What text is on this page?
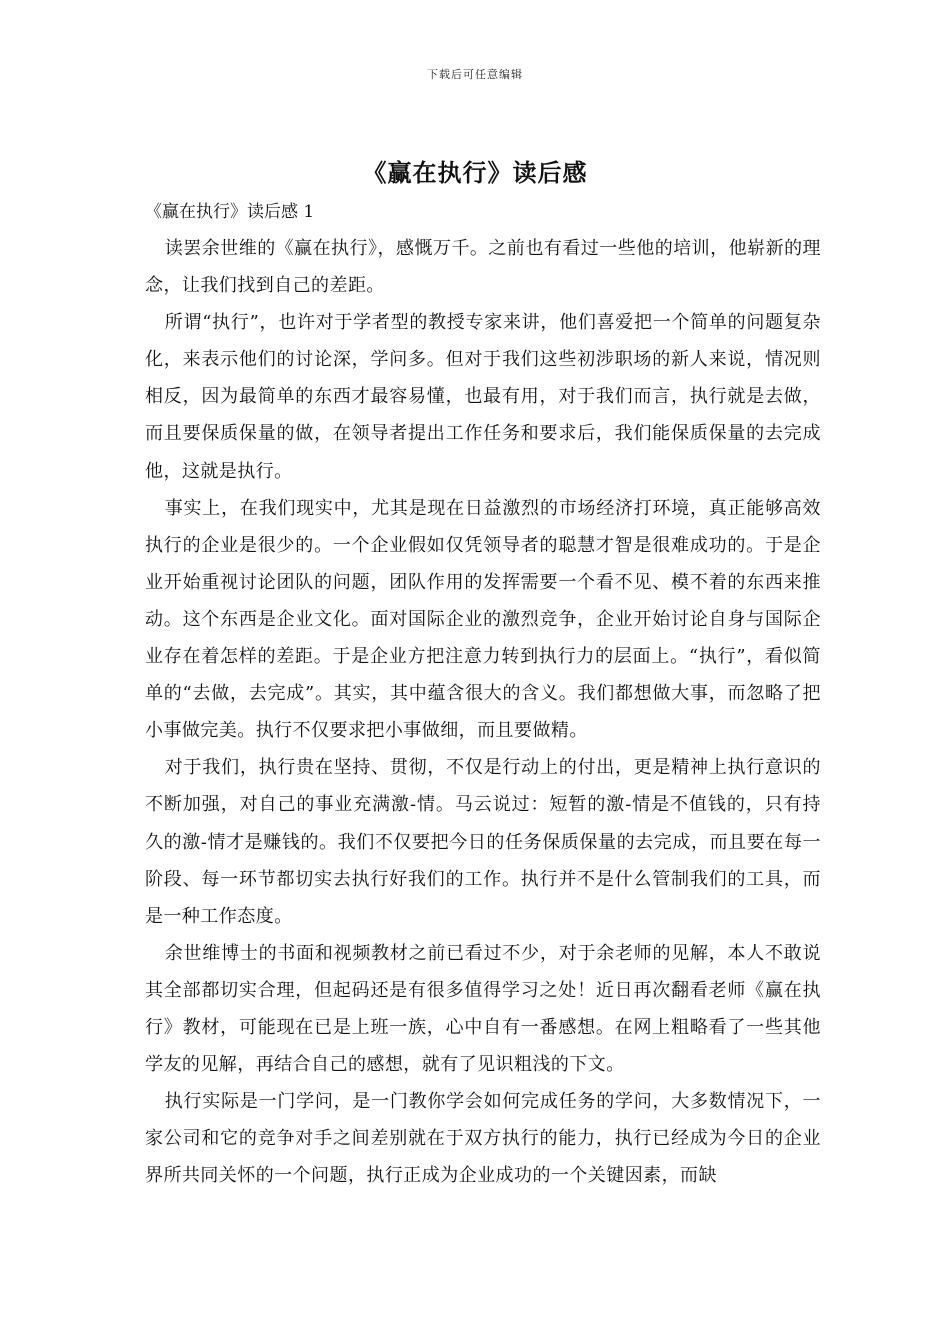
下载后可任意编辑
《赢在执行》读后感

《赢在执行》读后感 1

读罢余世维的《赢在执行》，感慨万千。之前也有看过一些他的培训，他崭新的理念，让我们找到自己的差距。

所谓“执行”，也许对于学者型的教授专家来讲，他们喜爱把一个简单的问题复杂化，来表示他们的讨论深，学问多。但对于我们这些初涉职场的新人来说，情况则相反，因为最简单的东西才最容易懂，也最有用，对于我们而言，执行就是去做，而且要保质保量的做，在领导者提出工作任务和要求后，我们能保质保量的去完成他，这就是执行。

事实上，在我们现实中，尤其是现在日益激烈的市场经济打环境，真正能够高效执行的企业是很少的。一个企业假如仅凭领导者的聪慧才智是很难成功的。于是企业开始重视讨论团队的问题，团队作用的发挥需要一个看不见、模不着的东西来推动。这个东西是企业文化。面对国际企业的激烈竞争，企业开始讨论自身与国际企业存在着怎样的差距。于是企业方把注意力转到执行力的层面上。“执行”，看似简单的“去做，去完成”。其实，其中蕴含很大的含义。我们都想做大事，而忽略了把小事做完美。执行不仅要求把小事做细，而且要做精。

对于我们，执行贵在坚持、贯彻，不仅是行动上的付出，更是精神上执行意识的不断加强，对自己的事业充满激-情。马云说过：短暂的激-情是不值钱的，只有持久的激-情才是赚钱的。我们不仅要把今日的任务保质保量的去完成，而且要在每一阶段、每一环节都切实去执行好我们的工作。执行并不是什么管制我们的工具，而是一种工作态度。

余世维博士的书面和视频教材之前已看过不少，对于余老师的见解，本人不敢说其全部都切实合理，但起码还是有很多值得学习之处！近日再次翻看老师《赢在执行》教材，可能现在已是上班一族，心中自有一番感想。在网上粗略看了一些其他学友的见解，再结合自己的感想，就有了见识粗浅的下文。

执行实际是一门学问，是一门教你学会如何完成任务的学问，大多数情况下，一家公司和它的竞争对手之间差别就在于双方执行的能力，执行已经成为今日的企业界所共同关怀的一个问题，执行正成为企业成功的一个关键因素，而缺
